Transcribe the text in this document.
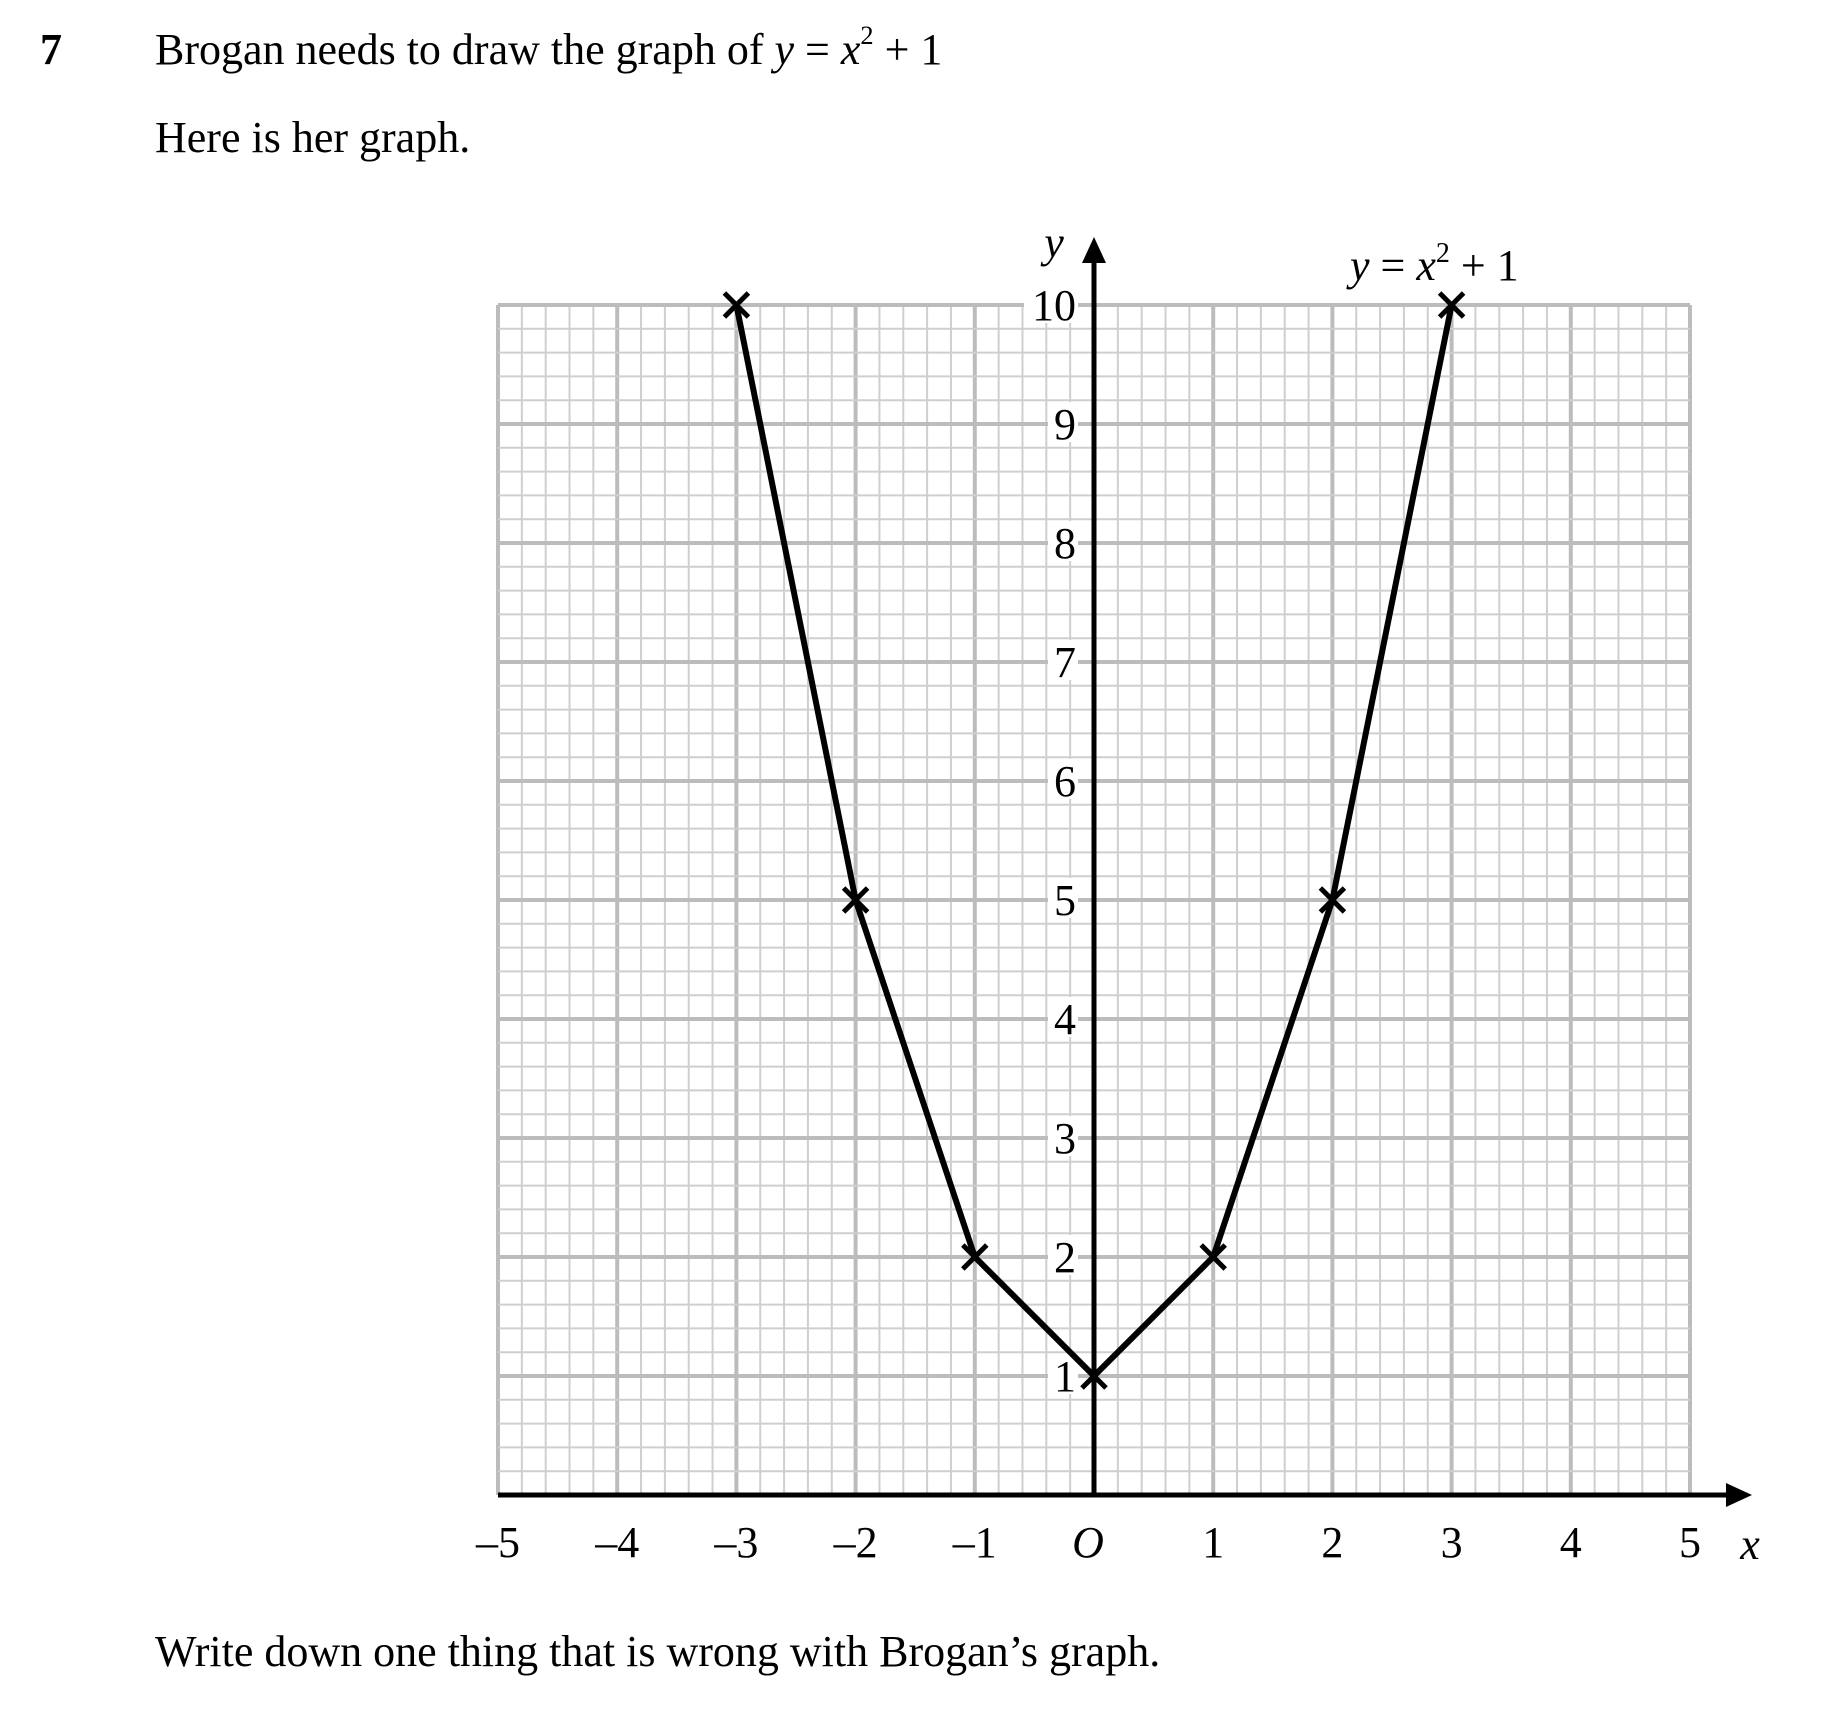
7 Brogan needs to draw the graph of $y = x^2 + 1$
Here is her graph.
–5 –4 –3 –2 –1	1 2 3 4 5
O
1
2
3
4
5
6
7
8
9
10
x
y	$y = x^2 + 1$
Write down one thing that is wrong with Brogan’s graph.
